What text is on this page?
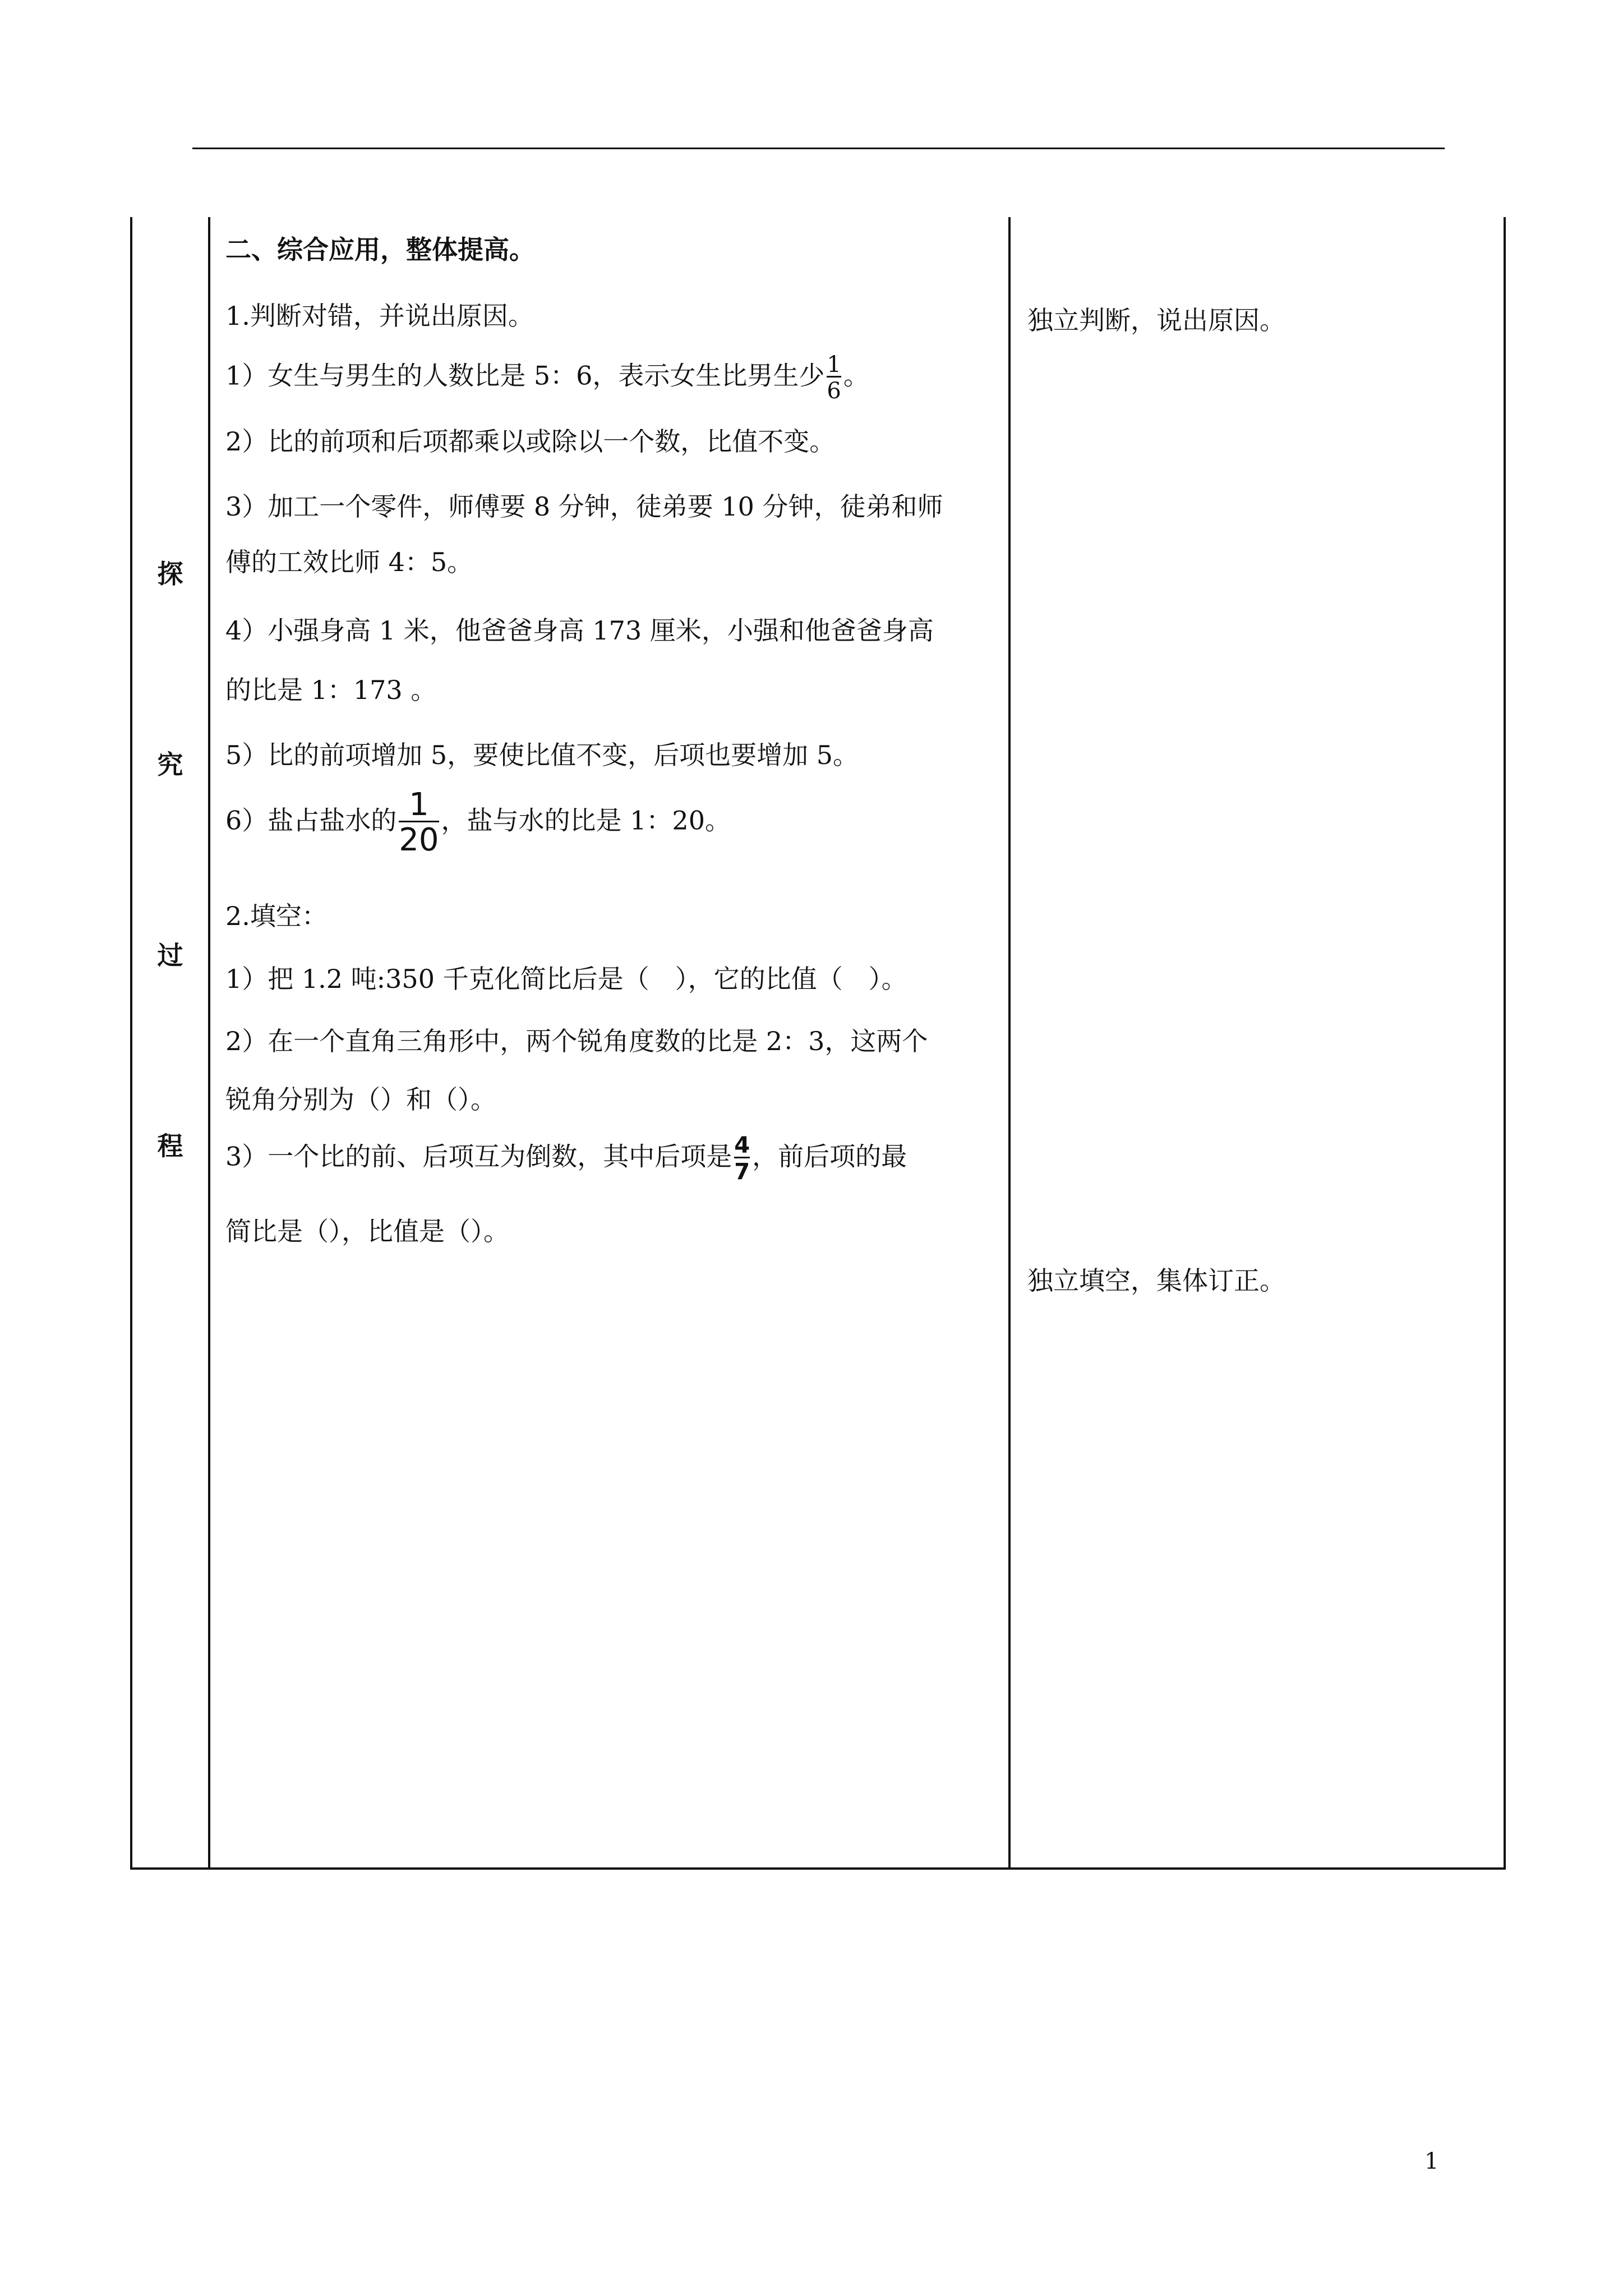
探
究
过
程
二、综合应用，整体提高。
1.判断对错，并说出原因。
1）女生与男生的人数比是 5：6，表示女生比男生少 $\frac{1}{6}$ 。
2）比的前项和后项都乘以或除以一个数，比值不变。
3）加工一个零件，师傅要 8 分钟，徒弟要 10 分钟，徒弟和师
傅的工效比师 4：5。
4）小强身高 1 米，他爸爸身高 173 厘米，小强和他爸爸身高
的比是 1：173 。
5）比的前项增加 5，要使比值不变，后项也要增加 5。
6）盐占盐水的 $\frac{1}{20}$ ，盐与水的比是 1：20。
2.填空：
1）把 1.2 吨:350 千克化简比后是（　），它的比值（　）。
2）在一个直角三角形中，两个锐角度数的比是 2：3，这两个
锐角分别为（）和（）。
3）一个比的前、后项互为倒数，其中后项是 $\frac{4}{7}$ ，前后项的最
简比是（），比值是（）。
独立判断，说出原因。
独立填空，集体订正。
1
